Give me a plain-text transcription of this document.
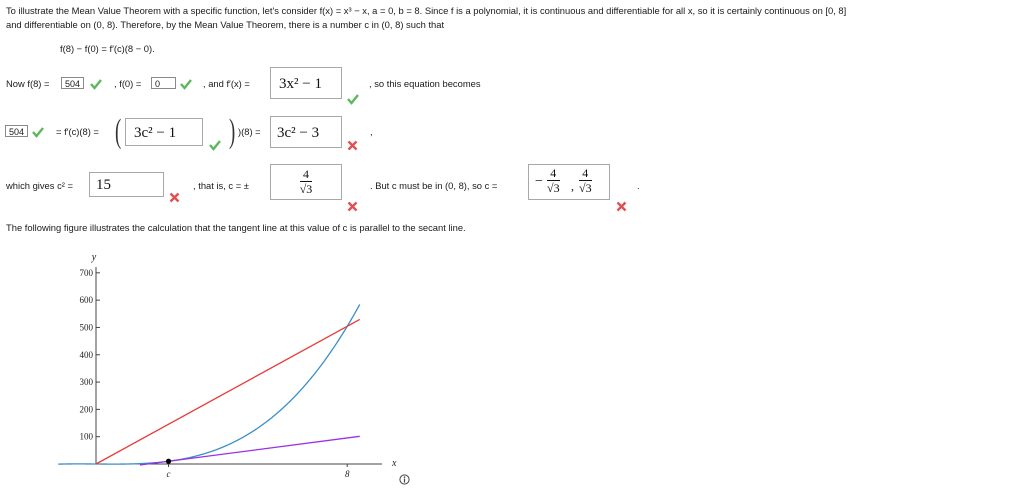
To illustrate the Mean Value Theorem with a specific function, let's consider f(x) = x³ − x, a = 0, b = 8. Since f is a polynomial, it is continuous and differentiable for all x, so it is certainly continuous on [0, 8]
and differentiable on (0, 8). Therefore, by the Mean Value Theorem, there is a number c in (0, 8) such that
f(8) − f(0) = f′(c)(8 − 0).
Now f(8) =	504	, f(0) =	0	, and f′(x) =	3x² − 1	, so this equation becomes
504	= f′(c)(8) = ( 3c² − 1	) )(8) =	3c² − 3	,
which gives c² =	15	, that is, c = ±	$\frac{4}{√3}$	. But c must be in (0, 8), so c =	−
4
√3 ,
4
√3	.
The following figure illustrates the calculation that the tangent line at this value of c is parallel to the secant line.
100
200
300
400
500
600
700
c	8
y
x
